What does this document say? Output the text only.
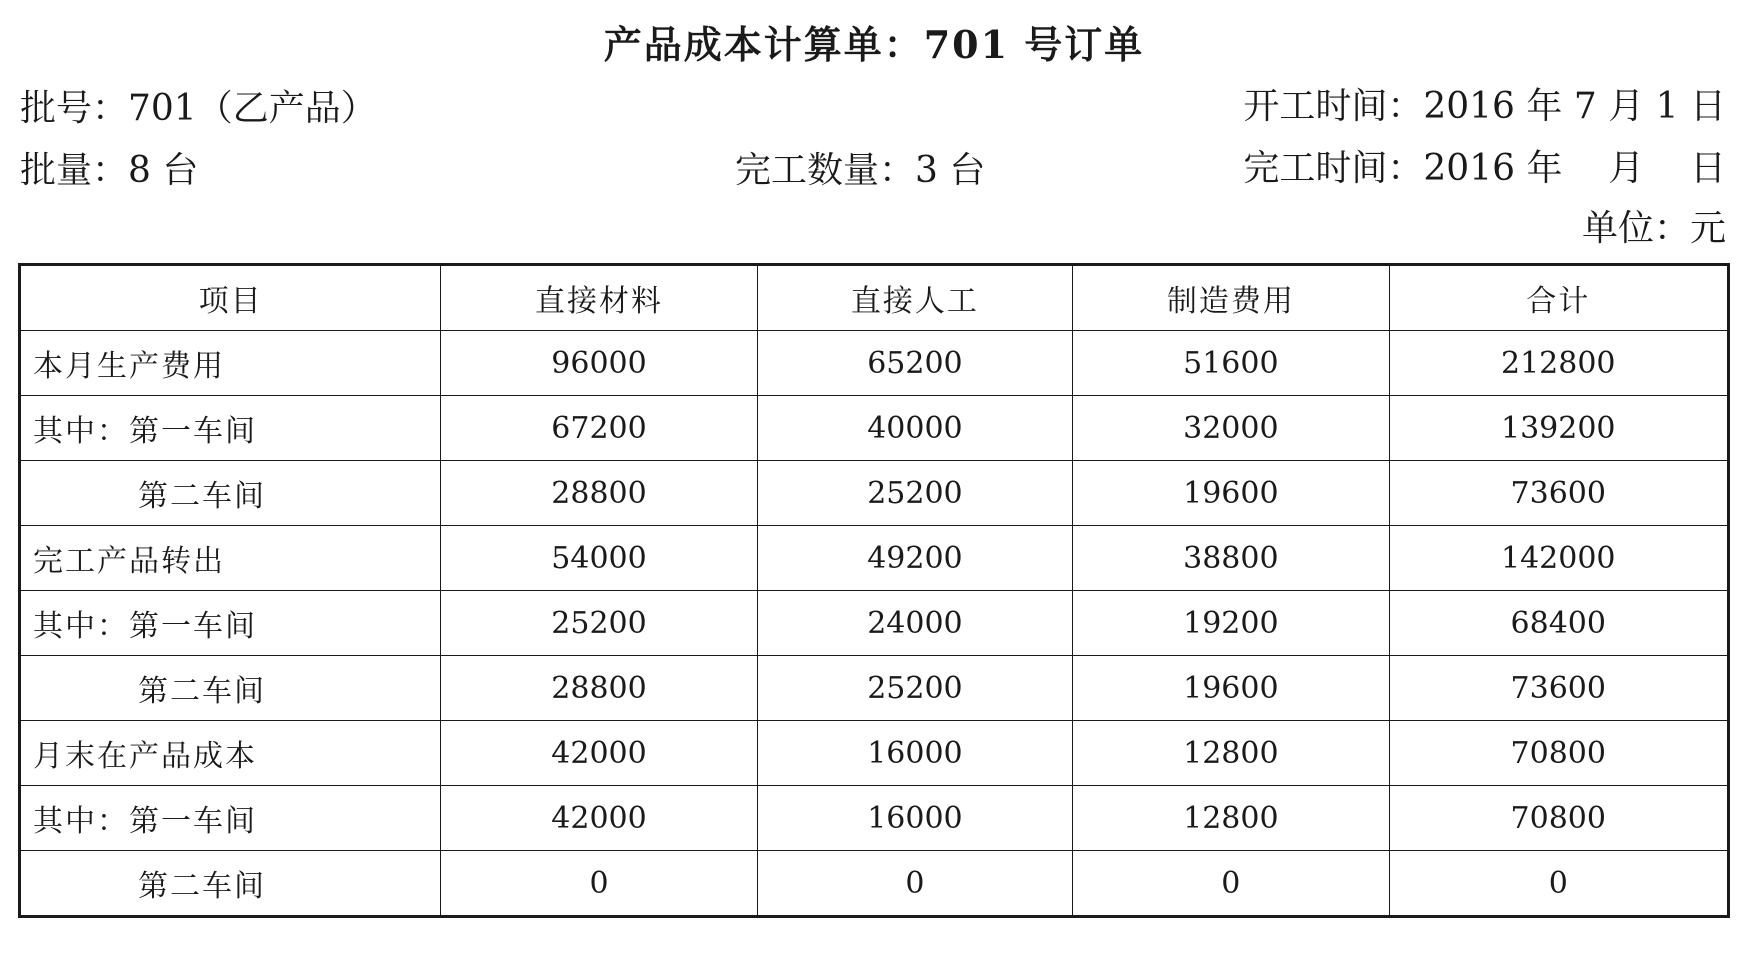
产品成本计算单：701 号订单
批号：701（乙产品）
批量：8 台	完工数量：3 台
开工时间：2016 年 7 月 1 日
完工时间：2016 年    月    日
单位：元
项目	直接材料	直接人工	制造费用	合计
本月生产费用	96000	65200	51600	212800
其中：第一车间	67200	40000	32000	139200
第二车间	28800	25200	19600	73600
完工产品转出	54000	49200	38800	142000
其中：第一车间	25200	24000	19200	68400
第二车间	28800	25200	19600	73600
月末在产品成本	42000	16000	12800	70800
其中：第一车间	42000	16000	12800	70800
第二车间	0	0	0	0
